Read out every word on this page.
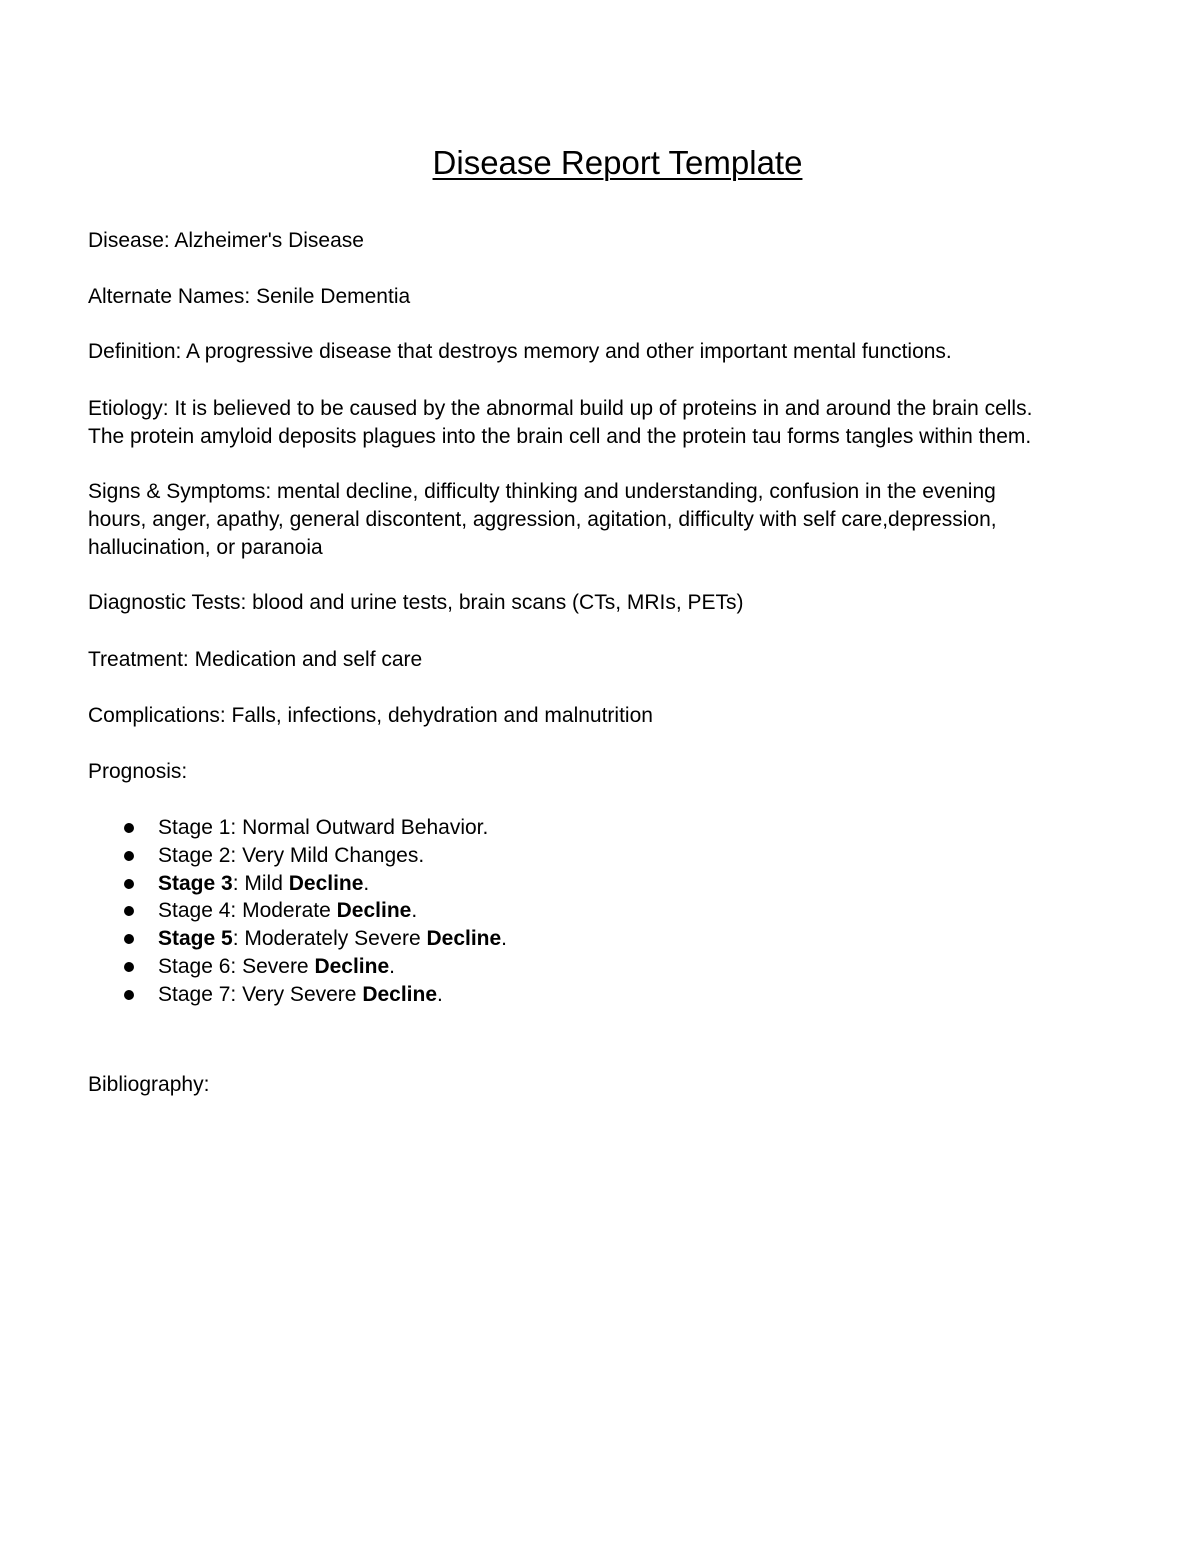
Disease Report Template
Disease: Alzheimer's Disease
Alternate Names: Senile Dementia
Definition: A progressive disease that destroys memory and other important mental functions.
Etiology: It is believed to be caused by the abnormal build up of proteins in and around the brain cells.
The protein amyloid deposits plagues into the brain cell and the protein tau forms tangles within them.
Signs & Symptoms: mental decline, difficulty thinking and understanding, confusion in the evening
hours, anger, apathy, general discontent, aggression, agitation, difficulty with self care,depression,
hallucination, or paranoia
Diagnostic Tests: blood and urine tests, brain scans (CTs, MRIs, PETs)
Treatment: Medication and self care
Complications: Falls, infections, dehydration and malnutrition
Prognosis:
Stage 1: Normal Outward Behavior.
Stage 2: Very Mild Changes.
Stage 3: Mild Decline.
Stage 4: Moderate Decline.
Stage 5: Moderately Severe Decline.
Stage 6: Severe Decline.
Stage 7: Very Severe Decline.
Bibliography:
